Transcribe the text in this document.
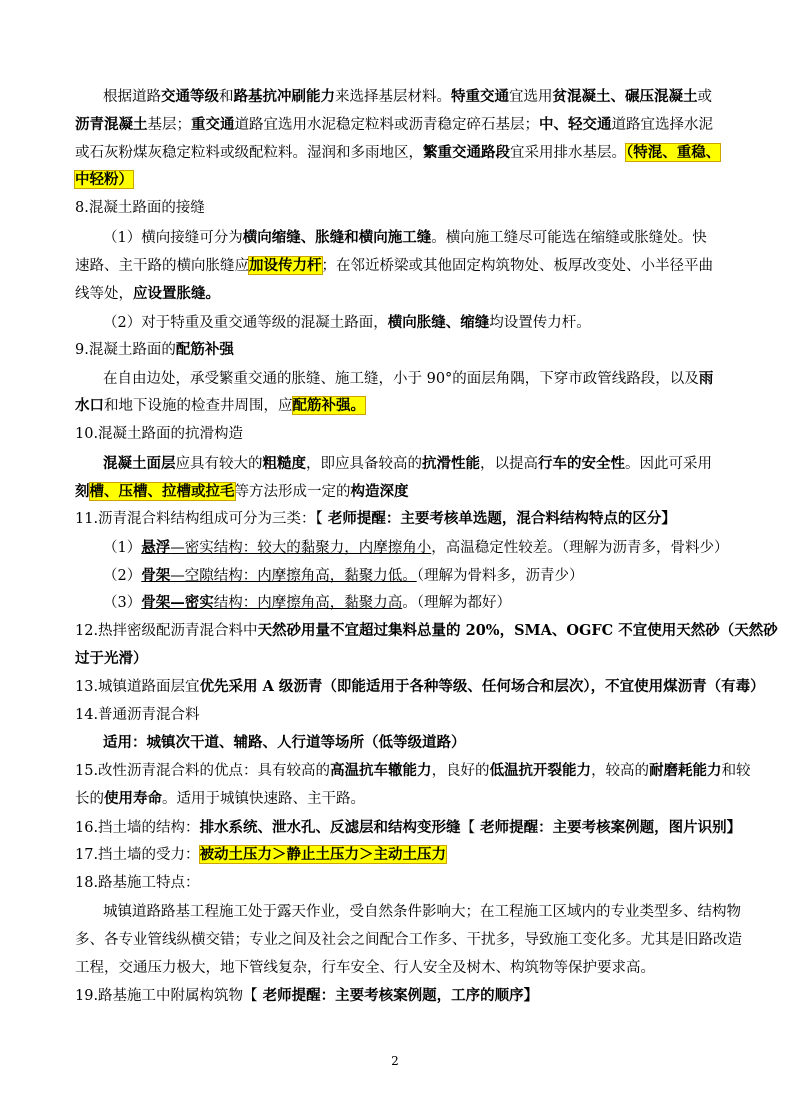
根据道路交通等级和路基抗冲刷能力来选择基层材料。特重交通宜选用贫混凝土、碾压混凝土或
沥青混凝土基层；重交通道路宜选用水泥稳定粒料或沥青稳定碎石基层；中、轻交通道路宜选择水泥
或石灰粉煤灰稳定粒料或级配粒料。湿润和多雨地区，繁重交通路段宜采用排水基层。（特混、重稳、
中轻粉）
8.混凝土路面的接缝
（1）横向接缝可分为横向缩缝、胀缝和横向施工缝。横向施工缝尽可能选在缩缝或胀缝处。快
速路、主干路的横向胀缝应加设传力杆；在邻近桥梁或其他固定构筑物处、板厚改变处、小半径平曲
线等处，应设置胀缝。
（2）对于特重及重交通等级的混凝土路面，横向胀缝、缩缝均设置传力杆。
9.混凝土路面的配筋补强
在自由边处，承受繁重交通的胀缝、施工缝，小于 90°的面层角隅，下穿市政管线路段，以及雨
水口和地下设施的检查井周围，应配筋补强。
10.混凝土路面的抗滑构造
混凝土面层应具有较大的粗糙度，即应具备较高的抗滑性能，以提高行车的安全性。因此可采用
刻槽、压槽、拉槽或拉毛等方法形成一定的构造深度
11.沥青混合料结构组成可分为三类：【 老师提醒：主要考核单选题，混合料结构特点的区分】
（1）悬浮—密实结构：较大的黏聚力，内摩擦角小，高温稳定性较差。（理解为沥青多，骨料少）
（2）骨架—空隙结构：内摩擦角高，黏聚力低。（理解为骨料多，沥青少）
（3）骨架—密实结构：内摩擦角高，黏聚力高。（理解为都好）
12.热拌密级配沥青混合料中天然砂用量不宜超过集料总量的 20%，SMA、OGFC 不宜使用天然砂（天然砂
过于光滑）
13.城镇道路面层宜优先采用 A 级沥青（即能适用于各种等级、任何场合和层次），不宜使用煤沥青（有毒）
14.普通沥青混合料
适用：城镇次干道、辅路、人行道等场所（低等级道路）
15.改性沥青混合料的优点：具有较高的高温抗车辙能力，良好的低温抗开裂能力，较高的耐磨耗能力和较
长的使用寿命。适用于城镇快速路、主干路。
16.挡土墙的结构：排水系统、泄水孔、反滤层和结构变形缝【 老师提醒：主要考核案例题，图片识别】
17.挡土墙的受力：被动土压力＞静止土压力＞主动土压力
18.路基施工特点：
城镇道路路基工程施工处于露天作业，受自然条件影响大；在工程施工区域内的专业类型多、结构物
多、各专业管线纵横交错；专业之间及社会之间配合工作多、干扰多，导致施工变化多。尤其是旧路改造
工程，交通压力极大，地下管线复杂，行车安全、行人安全及树木、构筑物等保护要求高。
19.路基施工中附属构筑物【 老师提醒：主要考核案例题，工序的顺序】
2
